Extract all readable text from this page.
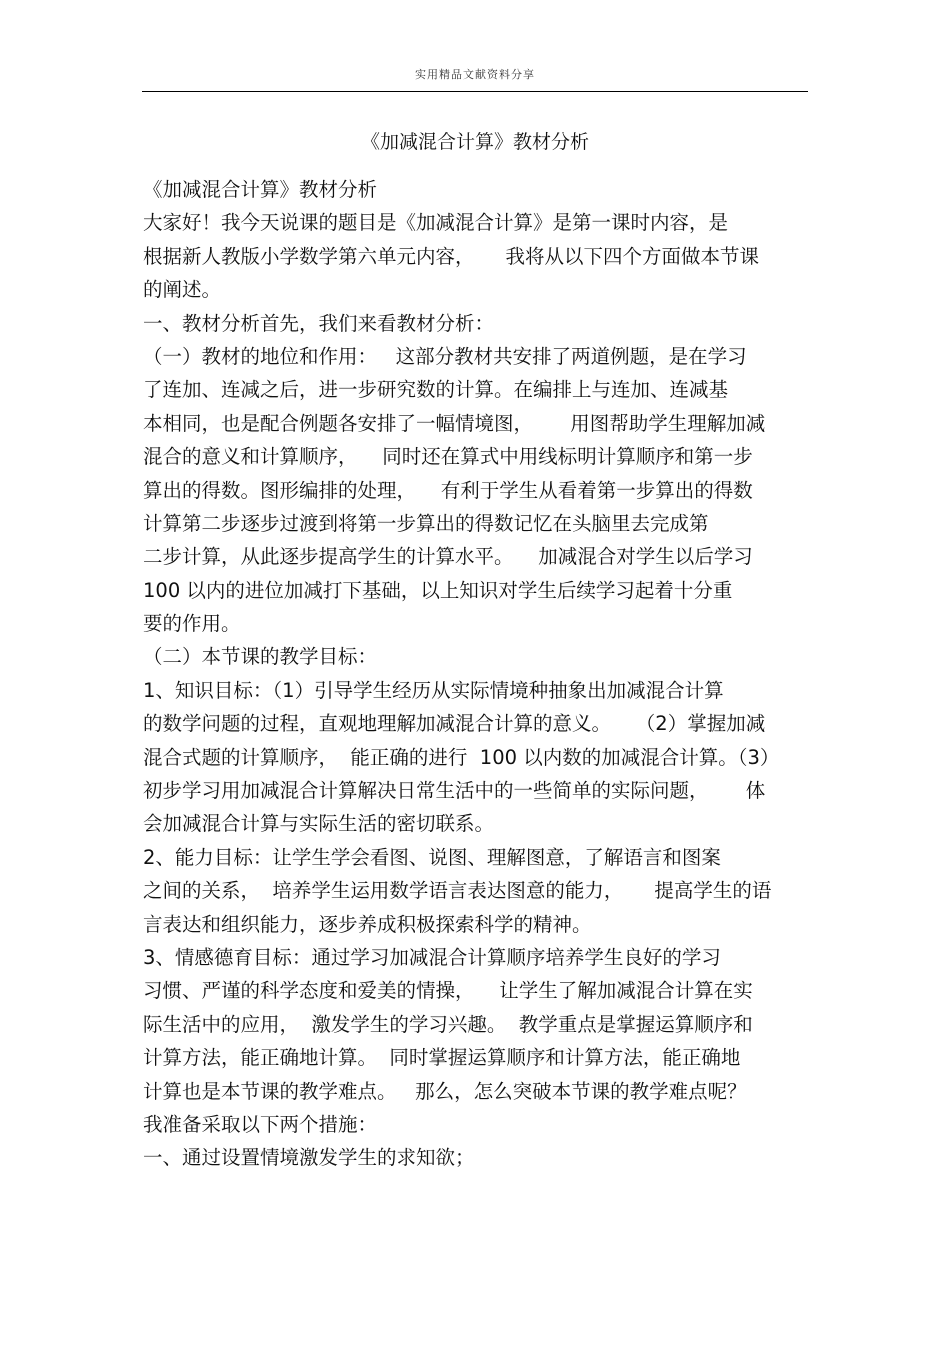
实用精品文献资料分享
《加减混合计算》教材分析
《加减混合计算》教材分析
大家好！我今天说课的题目是《加减混合计算》是第一课时内容，是
根据新人教版小学数学第六单元内容，     我将从以下四个方面做本节课
的阐述。
一、教材分析首先，我们来看教材分析：
（一）教材的地位和作用：   这部分教材共安排了两道例题，是在学习
了连加、连减之后，进一步研究数的计算。在编排上与连加、连减基
本相同，也是配合例题各安排了一幅情境图，      用图帮助学生理解加减
混合的意义和计算顺序，    同时还在算式中用线标明计算顺序和第一步
算出的得数。图形编排的处理，    有利于学生从看着第一步算出的得数
计算第二步逐步过渡到将第一步算出的得数记忆在头脑里去完成第
二步计算，从此逐步提高学生的计算水平。    加减混合对学生以后学习
100 以内的进位加减打下基础，以上知识对学生后续学习起着十分重
要的作用。
（二）本节课的教学目标：
1、知识目标：（1）引导学生经历从实际情境种抽象出加减混合计算
的数学问题的过程，直观地理解加减混合计算的意义。    （2）掌握加减
混合式题的计算顺序，  能正确的进行  100 以内数的加减混合计算。（3）
初步学习用加减混合计算解决日常生活中的一些简单的实际问题，      体
会加减混合计算与实际生活的密切联系。
2、能力目标：让学生学会看图、说图、理解图意，了解语言和图案
之间的关系，  培养学生运用数学语言表达图意的能力，     提高学生的语
言表达和组织能力，逐步养成积极探索科学的精神。
3、情感德育目标：通过学习加减混合计算顺序培养学生良好的学习
习惯、严谨的科学态度和爱美的情操，    让学生了解加减混合计算在实
际生活中的应用，  激发学生的学习兴趣。  教学重点是掌握运算顺序和
计算方法，能正确地计算。  同时掌握运算顺序和计算方法，能正确地
计算也是本节课的教学难点。   那么，怎么突破本节课的教学难点呢？
我准备采取以下两个措施：
一、通过设置情境激发学生的求知欲；
